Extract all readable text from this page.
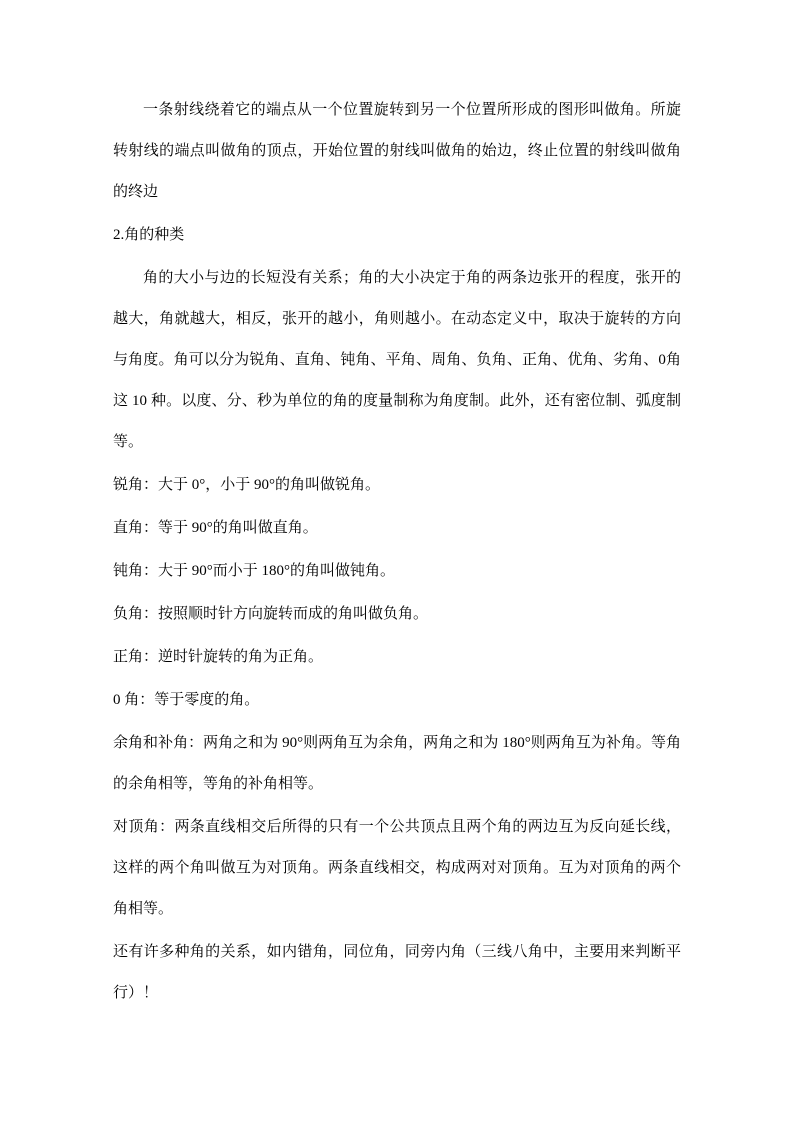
一条射线绕着它的端点从一个位置旋转到另一个位置所形成的图形叫做角。所旋转射线的端点叫做角的顶点，开始位置的射线叫做角的始边，终止位置的射线叫做角的终边

2.角的种类

角的大小与边的长短没有关系；角的大小决定于角的两条边张开的程度，张开的越大，角就越大，相反，张开的越小，角则越小。在动态定义中，取决于旋转的方向与角度。角可以分为锐角、直角、钝角、平角、周角、负角、正角、优角、劣角、0角这 10 种。以度、分、秒为单位的角的度量制称为角度制。此外，还有密位制、弧度制等。

锐角：大于 0°，小于 90°的角叫做锐角。

直角：等于 90°的角叫做直角。

钝角：大于 90°而小于 180°的角叫做钝角。

负角：按照顺时针方向旋转而成的角叫做负角。

正角：逆时针旋转的角为正角。

0 角：等于零度的角。

余角和补角：两角之和为 90°则两角互为余角，两角之和为 180°则两角互为补角。等角的余角相等，等角的补角相等。

对顶角：两条直线相交后所得的只有一个公共顶点且两个角的两边互为反向延长线，这样的两个角叫做互为对顶角。两条直线相交，构成两对对顶角。互为对顶角的两个角相等。

还有许多种角的关系，如内错角，同位角，同旁内角（三线八角中，主要用来判断平行）！
